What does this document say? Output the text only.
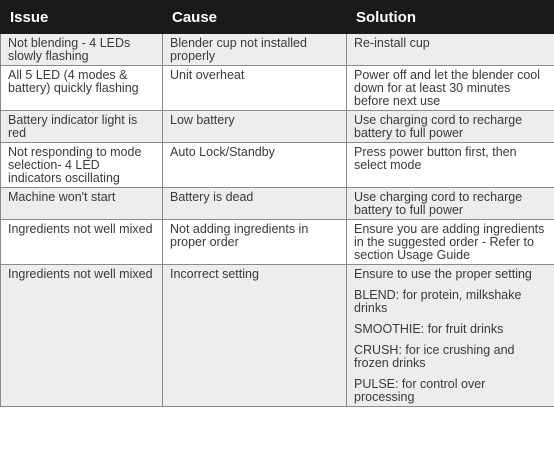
Issue	Cause	Solution
Not blending - 4 LEDs slowly flashing	Blender cup not installed properly	Re-install cup

All 5 LED (4 modes & battery) quickly flashing	Unit overheat	Power off and let the blender cool down for at least 30 minutes before next use

Battery indicator light is red	Low battery	Use charging cord to recharge battery to full power

Not responding to mode selection- 4 LED indicators oscillating	Auto Lock/Standby	Press power button first, then select mode

Machine won't start	Battery is dead	Use charging cord to recharge battery to full power

Ingredients not well mixed	Not adding ingredients in proper order	Ensure you are adding ingredients in the suggested order - Refer to section Usage Guide

Ingredients not well mixed	Incorrect setting	Ensure to use the proper setting
BLEND: for protein, milkshake drinks
SMOOTHIE: for fruit drinks
CRUSH: for ice crushing and frozen drinks
PULSE: for control over processing
